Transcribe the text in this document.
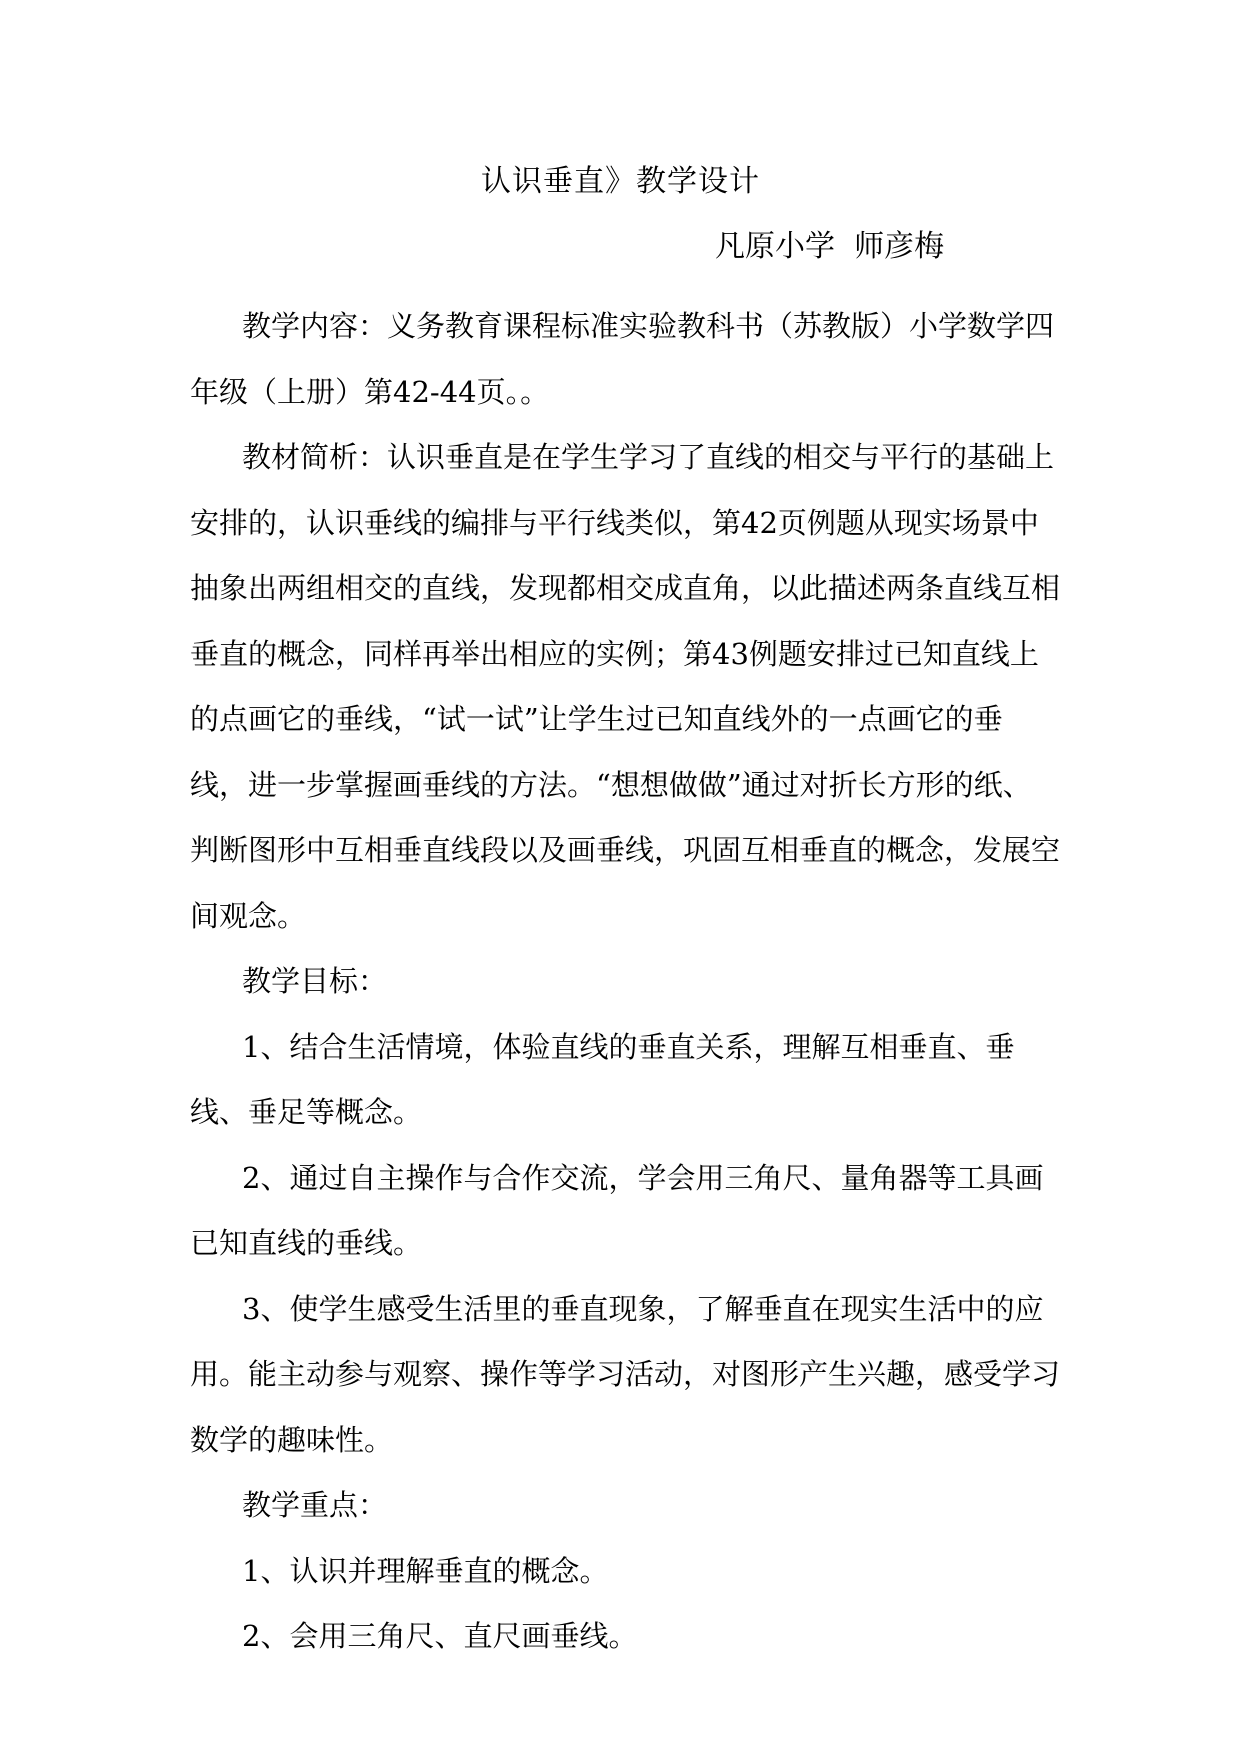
认识垂直》教学设计
凡原小学  师彦梅

教学内容：义务教育课程标准实验教科书（苏教版）小学数学四年级（上册）第42-44页。。

教材简析：认识垂直是在学生学习了直线的相交与平行的基础上安排的，认识垂线的编排与平行线类似，第42页例题从现实场景中抽象出两组相交的直线，发现都相交成直角，以此描述两条直线互相垂直的概念，同样再举出相应的实例；第43例题安排过已知直线上的点画它的垂线，“试一试”让学生过已知直线外的一点画它的垂线，进一步掌握画垂线的方法。“想想做做”通过对折长方形的纸、判断图形中互相垂直线段以及画垂线，巩固互相垂直的概念，发展空间观念。

教学目标：

1、结合生活情境，体验直线的垂直关系，理解互相垂直、垂线、垂足等概念。

2、通过自主操作与合作交流，学会用三角尺、量角器等工具画已知直线的垂线。

3、使学生感受生活里的垂直现象，了解垂直在现实生活中的应用。能主动参与观察、操作等学习活动，对图形产生兴趣，感受学习数学的趣味性。

教学重点：

1、认识并理解垂直的概念。

2、会用三角尺、直尺画垂线。
